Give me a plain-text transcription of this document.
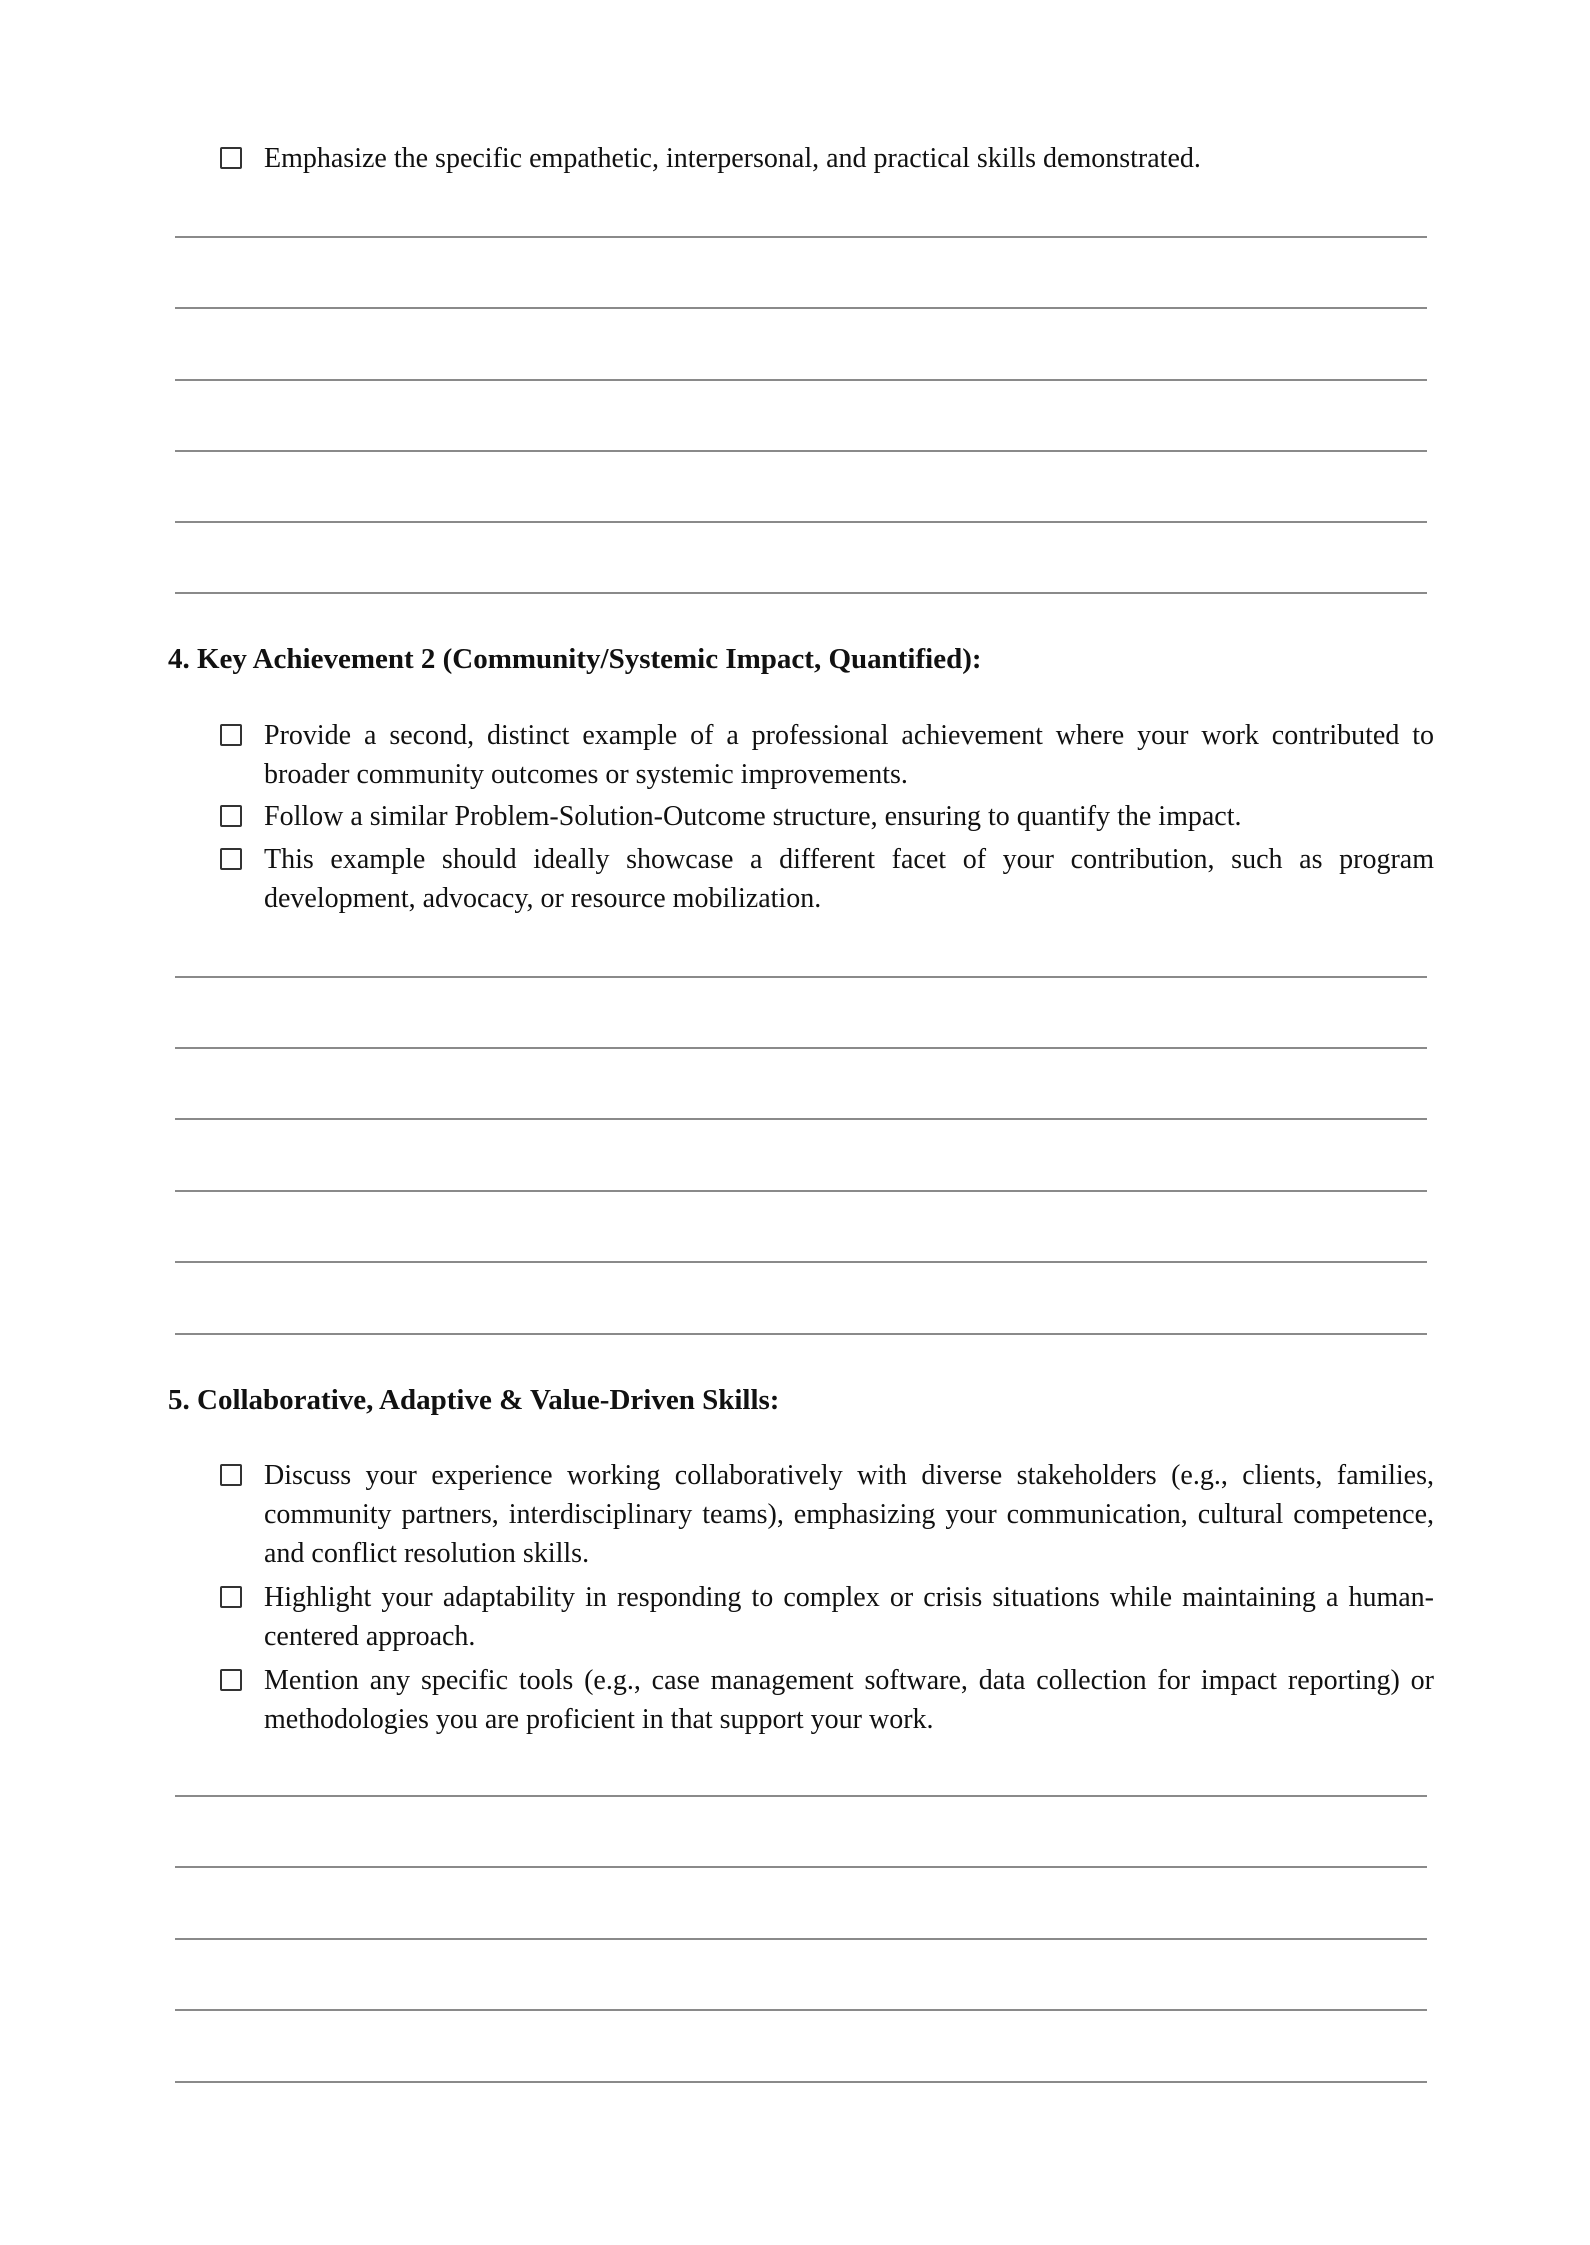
Emphasize the specific empathetic, interpersonal, and practical skills demonstrated.
4. Key Achievement 2 (Community/Systemic Impact, Quantified):
Provide a second, distinct example of a professional achievement where your work contributed to broader community outcomes or systemic improvements.
Follow a similar Problem-Solution-Outcome structure, ensuring to quantify the impact.
This example should ideally showcase a different facet of your contribution, such as program development, advocacy, or resource mobilization.
5. Collaborative, Adaptive & Value-Driven Skills:
Discuss your experience working collaboratively with diverse stakeholders (e.g., clients, families, community partners, interdisciplinary teams), emphasizing your communication, cultural competence, and conflict resolution skills.
Highlight your adaptability in responding to complex or crisis situations while maintaining a human-centered approach.
Mention any specific tools (e.g., case management software, data collection for impact reporting) or methodologies you are proficient in that support your work.
